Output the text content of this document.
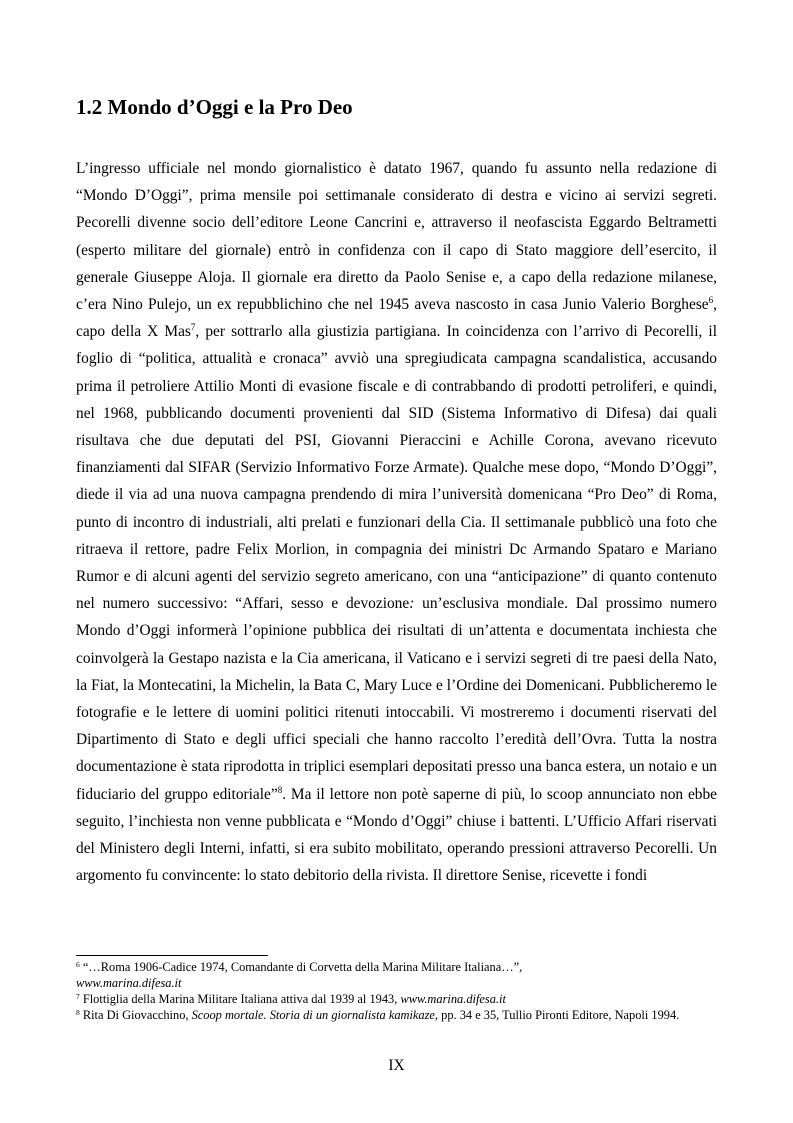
1.2 Mondo d’Oggi e la Pro Deo

L’ingresso ufficiale nel mondo giornalistico è datato 1967, quando fu assunto nella redazione di “Mondo D’Oggi”, prima mensile poi settimanale considerato di destra e vicino ai servizi segreti. Pecorelli divenne socio dell’editore Leone Cancrini e, attraverso il neofascista Eggardo Beltrametti (esperto militare del giornale) entrò in confidenza con il capo di Stato maggiore dell’esercito, il generale Giuseppe Aloja. Il giornale era diretto da Paolo Senise e, a capo della redazione milanese, c’era Nino Pulejo, un ex repubblichino che nel 1945 aveva nascosto in casa Junio Valerio Borghese$^6$, capo della X Mas$^7$, per sottrarlo alla giustizia partigiana. In coincidenza con l’arrivo di Pecorelli, il foglio di “politica, attualità e cronaca” avviò una spregiudicata campagna scandalistica, accusando prima il petroliere Attilio Monti di evasione fiscale e di contrabbando di prodotti petroliferi, e quindi, nel 1968, pubblicando documenti provenienti dal SID (Sistema Informativo di Difesa) dai quali risultava che due deputati del PSI, Giovanni Pieraccini e Achille Corona, avevano ricevuto finanziamenti dal SIFAR (Servizio Informativo Forze Armate). Qualche mese dopo, “Mondo D’Oggi”, diede il via ad una nuova campagna prendendo di mira l’università domenicana “Pro Deo” di Roma, punto di incontro di industriali, alti prelati e funzionari della Cia. Il settimanale pubblicò una foto che ritraeva il rettore, padre Felix Morlion, in compagnia dei ministri Dc Armando Spataro e Mariano Rumor e di alcuni agenti del servizio segreto americano, con una “anticipazione” di quanto contenuto nel numero successivo: “Affari, sesso e devozione: un’esclusiva mondiale. Dal prossimo numero Mondo d’Oggi informerà l’opinione pubblica dei risultati di un’attenta e documentata inchiesta che coinvolgerà la Gestapo nazista e la Cia americana, il Vaticano e i servizi segreti di tre paesi della Nato, la Fiat, la Montecatini, la Michelin, la Bata C, Mary Luce e l’Ordine dei Domenicani. Pubblicheremo le fotografie e le lettere di uomini politici ritenuti intoccabili. Vi mostreremo i documenti riservati del Dipartimento di Stato e degli uffici speciali che hanno raccolto l’eredità dell’Ovra. Tutta la nostra documentazione è stata riprodotta in triplici esemplari depositati presso una banca estera, un notaio e un fiduciario del gruppo editoriale”$^8$. Ma il lettore non potè saperne di più, lo scoop annunciato non ebbe seguito, l’inchiesta non venne pubblicata e “Mondo d’Oggi” chiuse i battenti. L’Ufficio Affari riservati del Ministero degli Interni, infatti, si era subito mobilitato, operando pressioni attraverso Pecorelli. Un argomento fu convincente: lo stato debitorio della rivista. Il direttore Senise, ricevette i fondi

$^6$ “…Roma 1906-Cadice 1974, Comandante di Corvetta della Marina Militare Italiana…”,
www.marina.difesa.it

$^7$ Flottiglia della Marina Militare Italiana attiva dal 1939 al 1943, www.marina.difesa.it

$^8$ Rita Di Giovacchino, Scoop mortale. Storia di un giornalista kamikaze, pp. 34 e 35, Tullio Pironti Editore, Napoli 1994.

IX
